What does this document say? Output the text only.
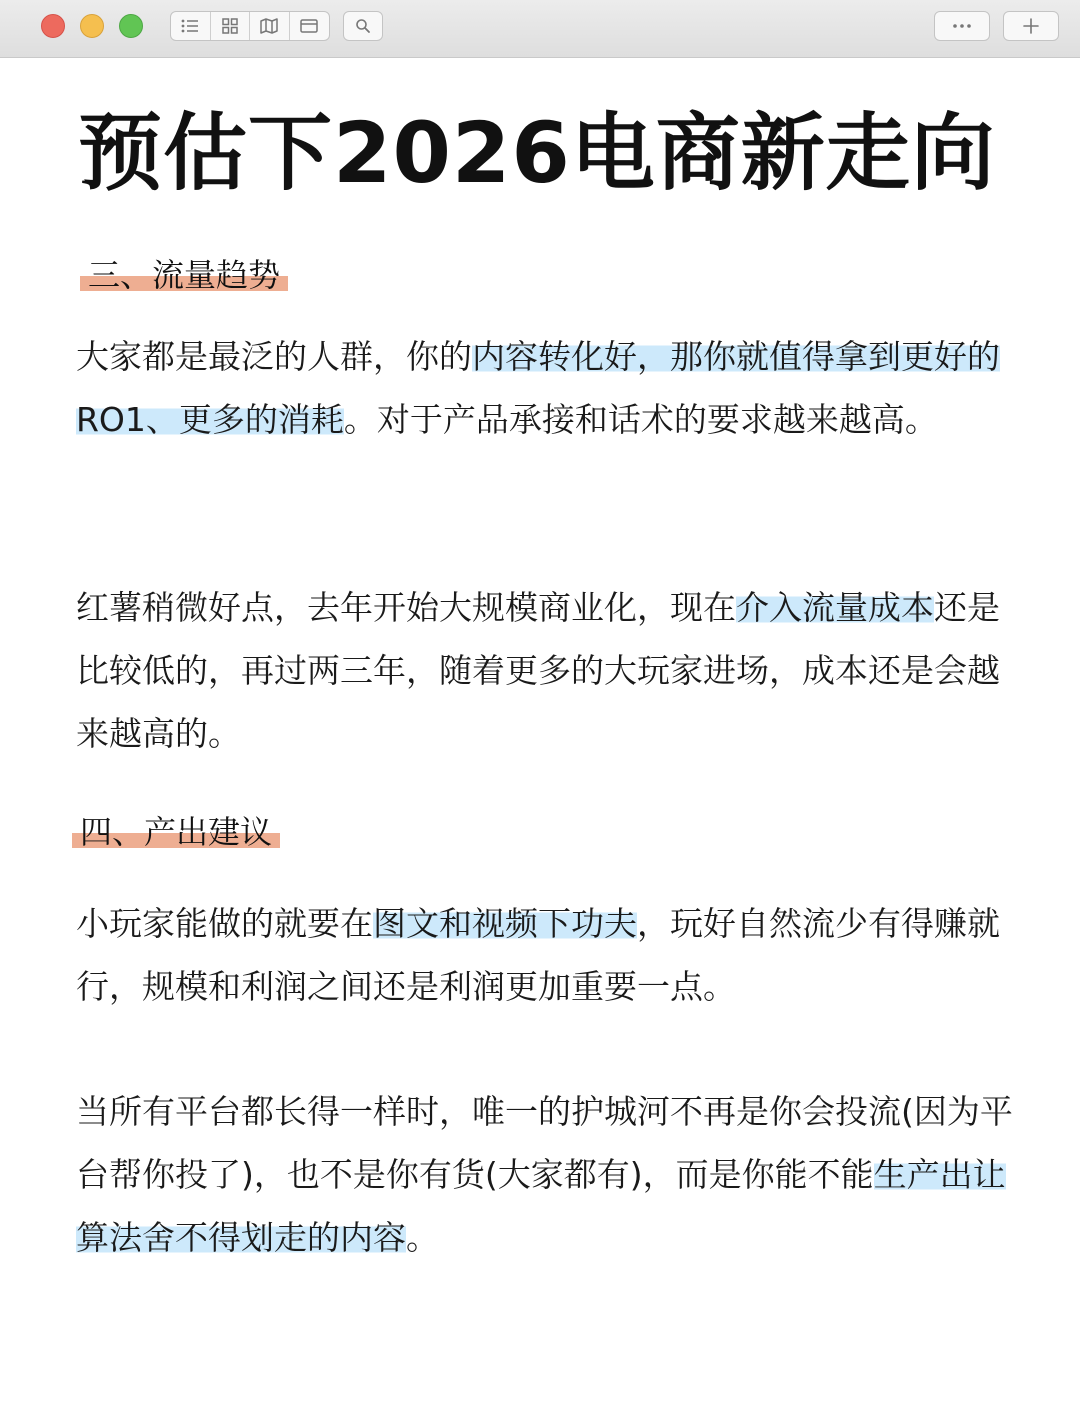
预估下2026电商新走向
三、流量趋势
大家都是最泛的人群，你的内容转化好，那你就值得拿到更好的 RO1、更多的消耗。对于产品承接和话术的要求越来越高。
红薯稍微好点，去年开始大规模商业化，现在介入流量成本还是比较低的，再过两三年，随着更多的大玩家进场，成本还是会越来越高的。
四、产出建议
小玩家能做的就要在图文和视频下功夫，玩好自然流少有得赚就行，规模和利润之间还是利润更加重要一点。
当所有平台都长得一样时，唯一的护城河不再是你会投流(因为平台帮你投了)，也不是你有货(大家都有)，而是你能不能生产出让算法舍不得划走的内容。
